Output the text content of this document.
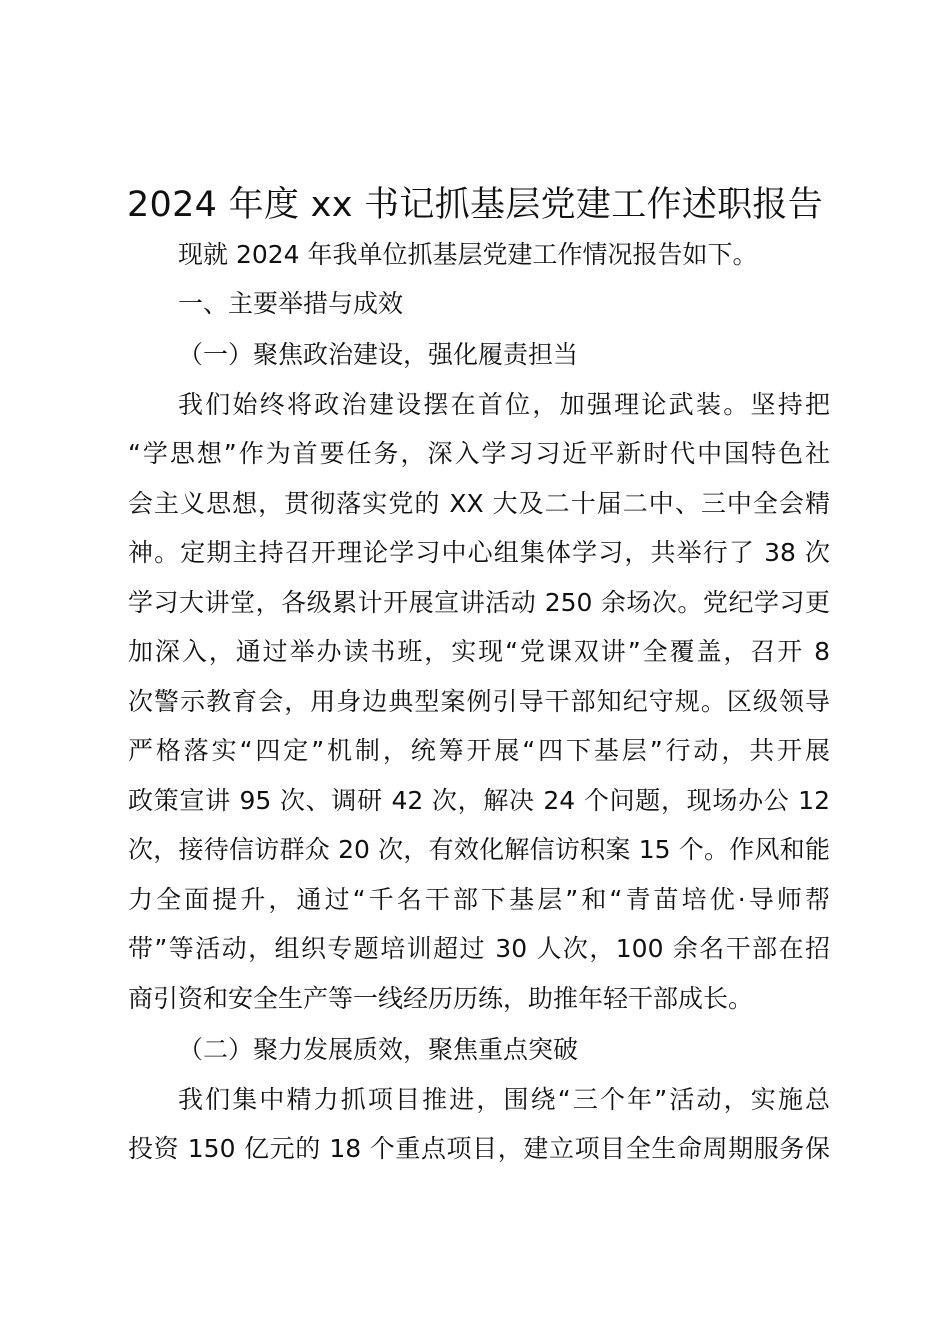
2024 年度 xx 书记抓基层党建工作述职报告
现就 2024 年我单位抓基层党建工作情况报告如下。
一、主要举措与成效
（一）聚焦政治建设，强化履责担当
我们始终将政治建设摆在首位，加强理论武装。坚持把
“学思想”作为首要任务，深入学习习近平新时代中国特色社
会主义思想，贯彻落实党的 XX 大及二十届二中、三中全会精
神。定期主持召开理论学习中心组集体学习，共举行了 38 次
学习大讲堂，各级累计开展宣讲活动 250 余场次。党纪学习更
加深入，通过举办读书班，实现“党课双讲”全覆盖，召开 8
次警示教育会，用身边典型案例引导干部知纪守规。区级领导
严格落实“四定”机制，统筹开展“四下基层”行动，共开展
政策宣讲 95 次、调研 42 次，解决 24 个问题，现场办公 12
次，接待信访群众 20 次，有效化解信访积案 15 个。作风和能
力全面提升，通过“千名干部下基层”和“青苗培优·导师帮
带”等活动，组织专题培训超过 30 人次，100 余名干部在招
商引资和安全生产等一线经历历练，助推年轻干部成长。
（二）聚力发展质效，聚焦重点突破
我们集中精力抓项目推进，围绕“三个年”活动，实施总
投资 150 亿元的 18 个重点项目，建立项目全生命周期服务保
